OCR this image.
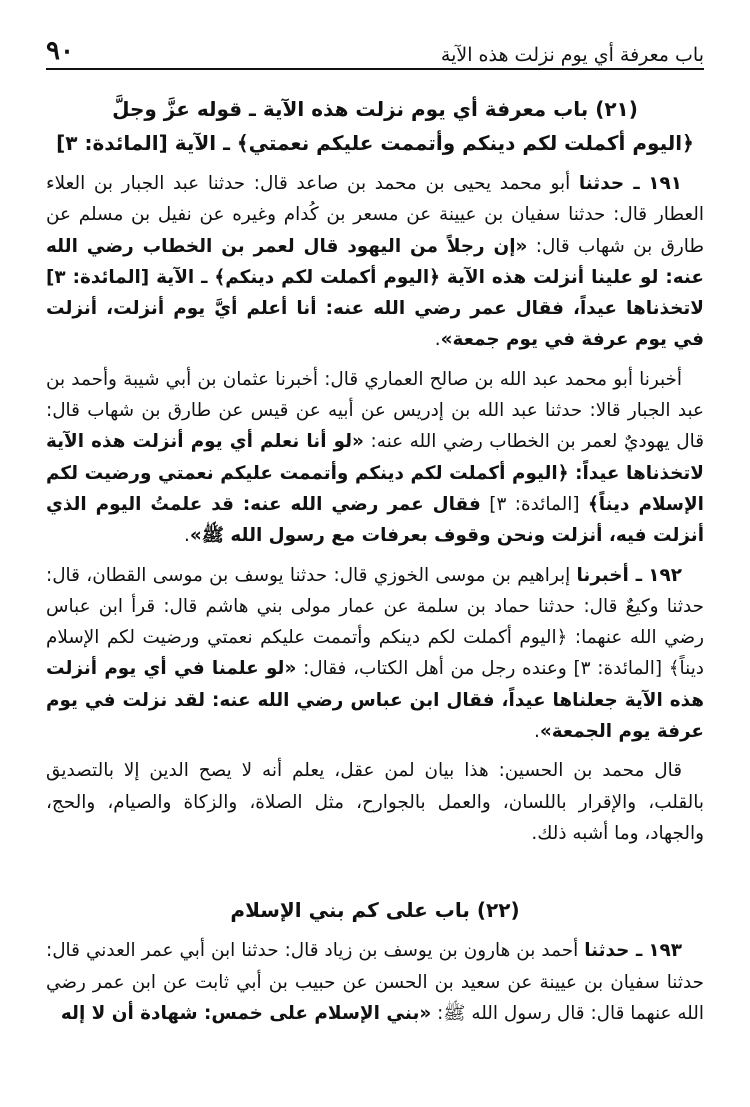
باب معرفة أي يوم نزلت هذه الآية
٩٠
(٢١) باب معرفة أي يوم نزلت هذه الآية ـ قوله عزَّ وجلَّ
﴿اليوم أكملت لكم دينكم وأتممت عليكم نعمتي﴾ ـ الآية [المائدة: ٣]

١٩١ ـ حدثنا أبو محمد يحيى بن محمد بن صاعد قال: حدثنا عبد الجبار بن العلاء العطار قال: حدثنا سفيان بن عيينة عن مسعر بن كُدام وغيره عن نفيل بن مسلم عن طارق بن شهاب قال: «إن رجلاً من اليهود قال لعمر بن الخطاب رضي الله عنه: لو علينا أنزلت هذه الآية ﴿اليوم أكملت لكم دينكم﴾ ـ الآية [المائدة: ٣] لاتخذناها عيداً، فقال عمر رضي الله عنه: أنا أعلم أيَّ يوم أنزلت، أنزلت في يوم عرفة في يوم جمعة».

أخبرنا أبو محمد عبد الله بن صالح العماري قال: أخبرنا عثمان بن أبي شيبة وأحمد بن عبد الجبار قالا: حدثنا عبد الله بن إدريس عن أبيه عن قيس عن طارق بن شهاب قال: قال يهوديٌ لعمر بن الخطاب رضي الله عنه: «لو أنا نعلم أي يوم أنزلت هذه الآية لاتخذناها عيداً: ﴿اليوم أكملت لكم دينكم وأتممت عليكم نعمتي ورضيت لكم الإسلام ديناً﴾ [المائدة: ٣] فقال عمر رضي الله عنه: قد علمتُ اليوم الذي أنزلت فيه، أنزلت ونحن وقوف بعرفات مع رسول الله ﷺ».

١٩٢ ـ أخبرنا إبراهيم بن موسى الخوزي قال: حدثنا يوسف بن موسى القطان، قال: حدثنا وكيعٌ قال: حدثنا حماد بن سلمة عن عمار مولى بني هاشم قال: قرأ ابن عباس رضي الله عنهما: ﴿اليوم أكملت لكم دينكم وأتممت عليكم نعمتي ورضيت لكم الإسلام ديناً﴾ [المائدة: ٣] وعنده رجل من أهل الكتاب، فقال: «لو علمنا في أي يوم أنزلت هذه الآية جعلناها عيداً، فقال ابن عباس رضي الله عنه: لقد نزلت في يوم عرفة يوم الجمعة».

قال محمد بن الحسين: هذا بيان لمن عقل، يعلم أنه لا يصح الدين إلا بالتصديق بالقلب، والإقرار باللسان، والعمل بالجوارح، مثل الصلاة، والزكاة والصيام، والحج، والجهاد، وما أشبه ذلك.

(٢٢) باب على كم بني الإسلام

١٩٣ ـ حدثنا أحمد بن هارون بن يوسف بن زياد قال: حدثنا ابن أبي عمر العدني قال: حدثنا سفيان بن عيينة عن سعيد بن الحسن عن حبيب بن أبي ثابت عن ابن عمر رضي الله عنهما قال: قال رسول الله ﷺ: «بني الإسلام على خمس: شهادة أن لا إله
